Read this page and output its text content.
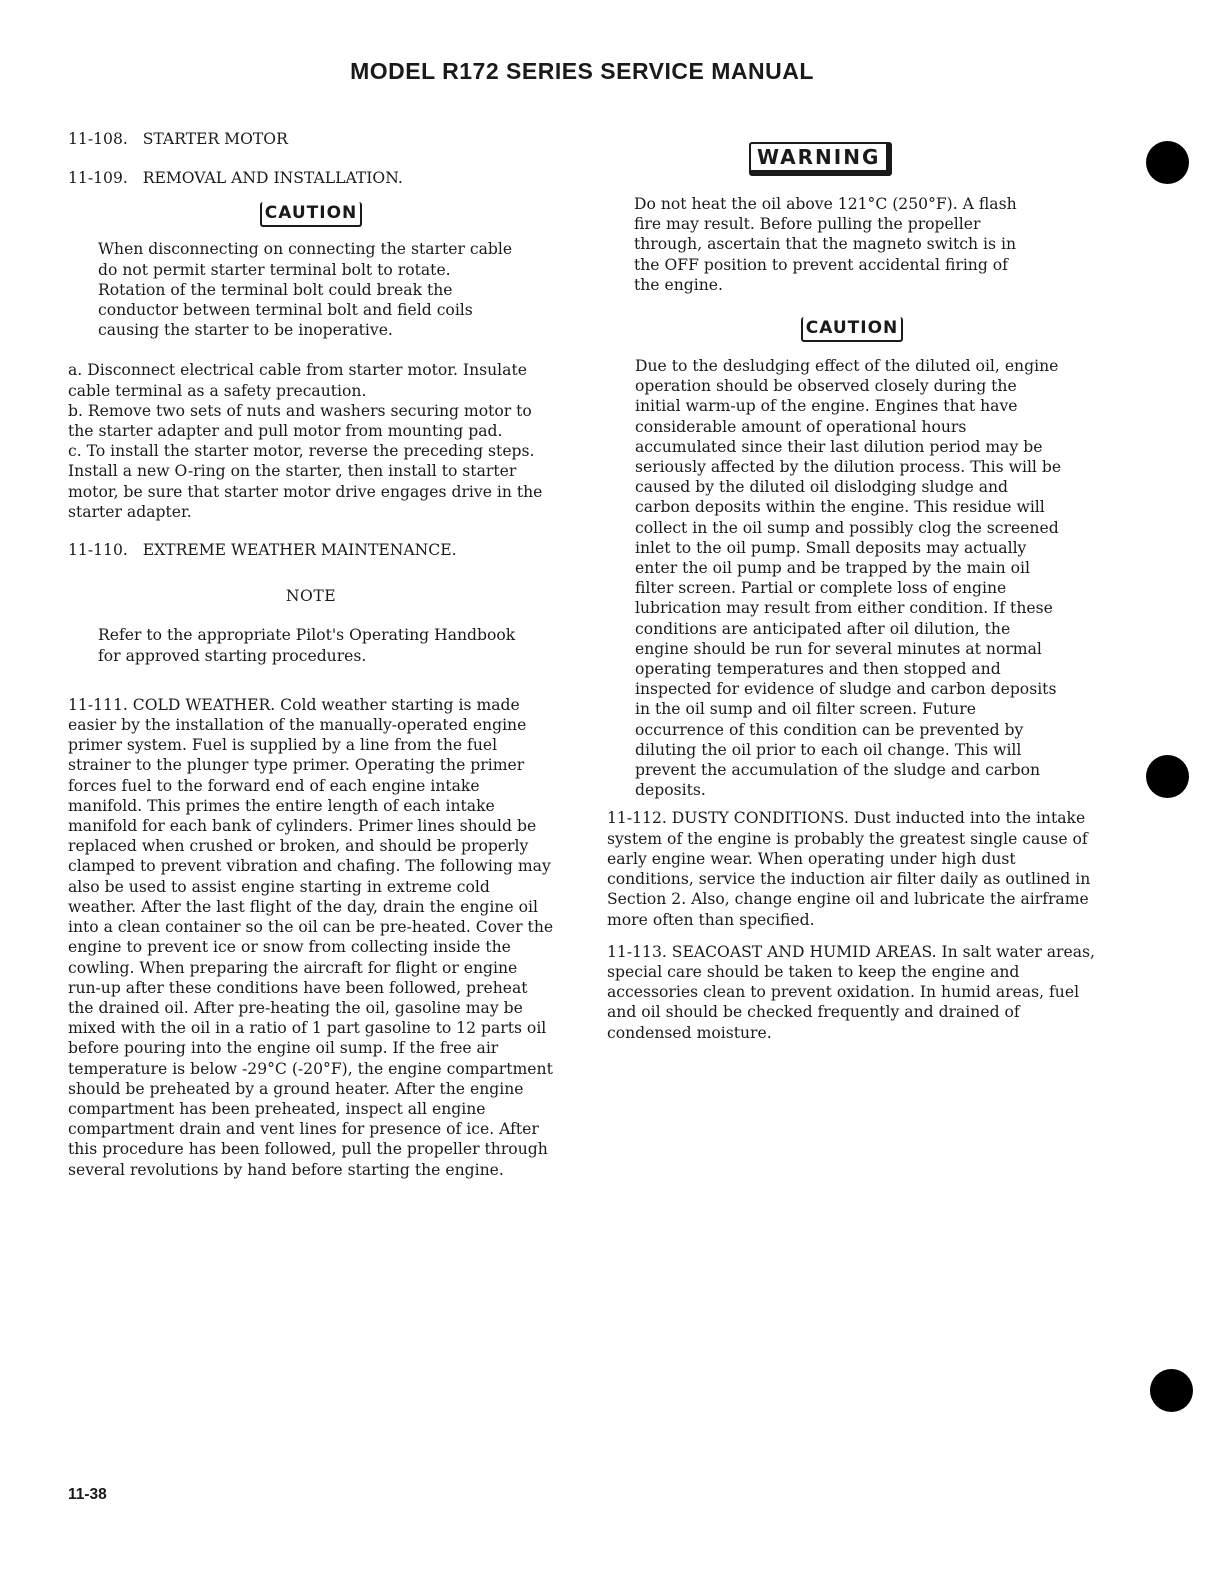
MODEL R172 SERIES SERVICE MANUAL

11-108.   STARTER MOTOR

11-109.   REMOVAL AND INSTALLATION.

CAUTION

When disconnecting on connecting the starter cable do not permit starter terminal bolt to rotate. Rotation of the terminal bolt could break the conductor between terminal bolt and field coils causing the starter to be inoperative.

a. Disconnect electrical cable from starter motor. Insulate cable terminal as a safety precaution.

b. Remove two sets of nuts and washers securing motor to the starter adapter and pull motor from mounting pad.

c. To install the starter motor, reverse the preceding steps. Install a new O-ring on the starter, then install to starter motor, be sure that starter motor drive engages drive in the starter adapter.

11-110.   EXTREME WEATHER MAINTENANCE.

NOTE

Refer to the appropriate Pilot's Operating Handbook for approved starting procedures.

11-111. COLD WEATHER. Cold weather starting is made easier by the installation of the manually-operated engine primer system. Fuel is supplied by a line from the fuel strainer to the plunger type primer. Operating the primer forces fuel to the forward end of each engine intake manifold. This primes the entire length of each intake manifold for each bank of cylinders. Primer lines should be replaced when crushed or broken, and should be properly clamped to prevent vibration and chafing. The following may also be used to assist engine starting in extreme cold weather. After the last flight of the day, drain the engine oil into a clean container so the oil can be pre-heated. Cover the engine to prevent ice or snow from collecting inside the cowling. When preparing the aircraft for flight or engine run-up after these conditions have been followed, preheat the drained oil. After pre-heating the oil, gasoline may be mixed with the oil in a ratio of 1 part gasoline to 12 parts oil before pouring into the engine oil sump. If the free air temperature is below -29°C (-20°F), the engine compartment should be preheated by a ground heater. After the engine compartment has been preheated, inspect all engine compartment drain and vent lines for presence of ice. After this procedure has been followed, pull the propeller through several revolutions by hand before starting the engine.

WARNING

Do not heat the oil above 121°C (250°F). A flash fire may result. Before pulling the propeller through, ascertain that the magneto switch is in the OFF position to prevent accidental firing of the engine.

CAUTION

Due to the desludging effect of the diluted oil, engine operation should be observed closely during the initial warm-up of the engine. Engines that have considerable amount of operational hours accumulated since their last dilution period may be seriously affected by the dilution process. This will be caused by the diluted oil dislodging sludge and carbon deposits within the engine. This residue will collect in the oil sump and possibly clog the screened inlet to the oil pump. Small deposits may actually enter the oil pump and be trapped by the main oil filter screen. Partial or complete loss of engine lubrication may result from either condition. If these conditions are anticipated after oil dilution, the engine should be run for several minutes at normal operating temperatures and then stopped and inspected for evidence of sludge and carbon deposits in the oil sump and oil filter screen. Future occurrence of this condition can be prevented by diluting the oil prior to each oil change. This will prevent the accumulation of the sludge and carbon deposits.

11-112. DUSTY CONDITIONS. Dust inducted into the intake system of the engine is probably the greatest single cause of early engine wear. When operating under high dust conditions, service the induction air filter daily as outlined in Section 2. Also, change engine oil and lubricate the airframe more often than specified.

11-113. SEACOAST AND HUMID AREAS. In salt water areas, special care should be taken to keep the engine and accessories clean to prevent oxidation. In humid areas, fuel and oil should be checked frequently and drained of condensed moisture.

11-38
